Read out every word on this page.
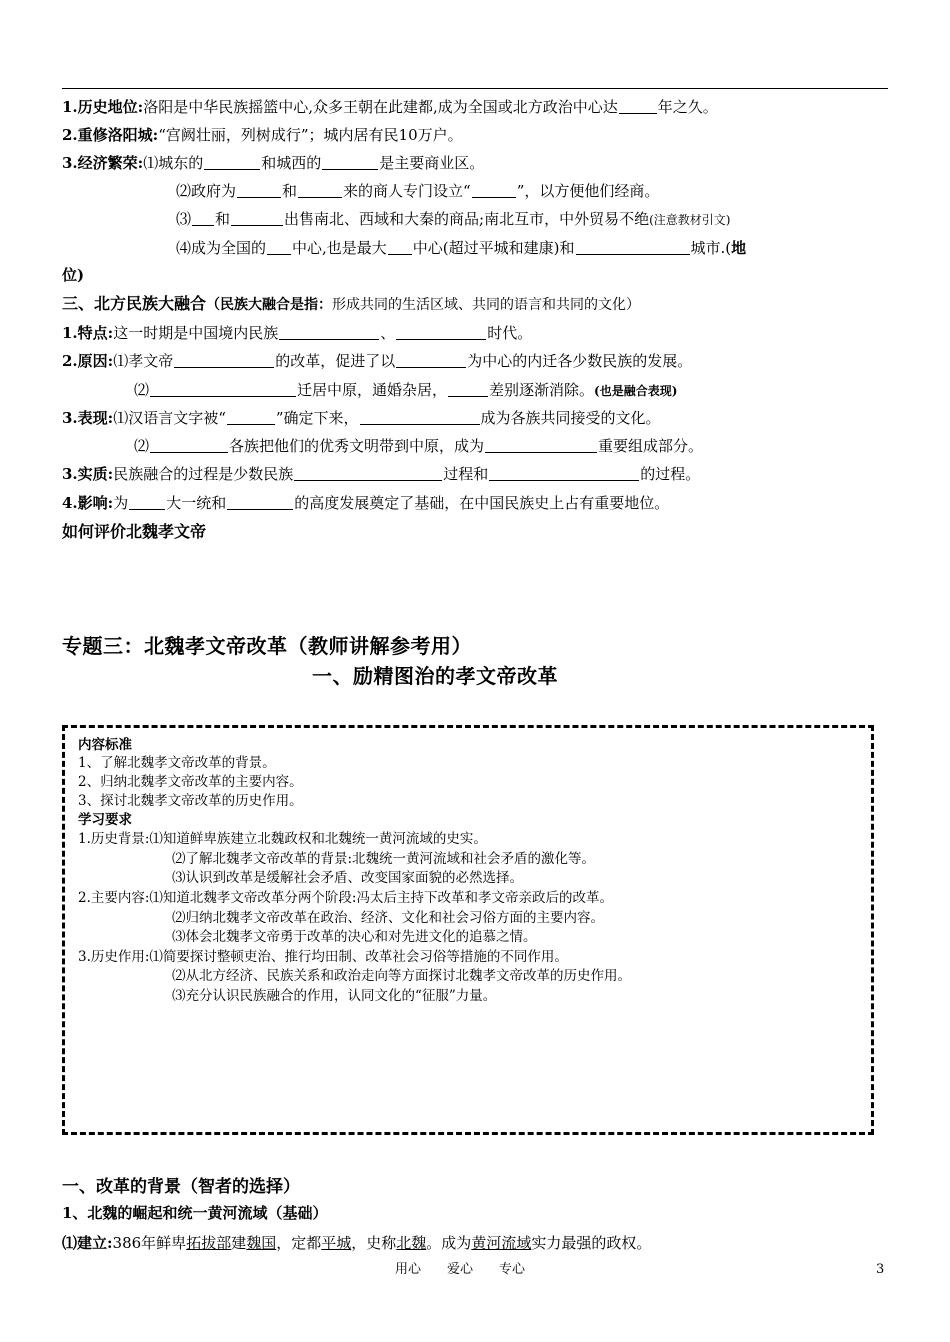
1.历史地位:洛阳是中华民族摇篮中心,众多王朝在此建都,成为全国或北方政治中心达	年之久。
2.重修洛阳城:“宫阙壮丽，列树成行”；城内居有民10万户。
3.经济繁荣:⑴城东的	和城西的	是主要商业区。
⑵政府为	和	来的商人专门设立“	”，以方便他们经商。
⑶ 和	出售南北、西域和大秦的商品;南北互市，中外贸易不绝(注意教材引文)
⑷成为全国的 中心,也是最大 中心(超过平城和建康)和	城市.(地
位)
三、北方民族大融合（民族大融合是指：形成共同的生活区域、共同的语言和共同的文化）
1.特点:这一时期是中国境内民族	、	时代。
2.原因:⑴孝文帝	的改革，促进了以	为中心的内迁各少数民族的发展。
⑵	迁居中原，通婚杂居，	差别逐渐消除。(也是融合表现)
3.表现:⑴汉语言文字被“	”确定下来，	成为各族共同接受的文化。
⑵	各族把他们的优秀文明带到中原，成为	重要组成部分。
3.实质:民族融合的过程是少数民族	过程和	的过程。
4.影响:为	大一统和	的高度发展奠定了基础，在中国民族史上占有重要地位。
如何评价北魏孝文帝
专题三：北魏孝文帝改革（教师讲解参考用）
一、励精图治的孝文帝改革
内容标准
1、了解北魏孝文帝改革的背景。
2、归纳北魏孝文帝改革的主要内容。
3、探讨北魏孝文帝改革的历史作用。
学习要求
1.历史背景:⑴知道鲜卑族建立北魏政权和北魏统一黄河流域的史实。
⑵了解北魏孝文帝改革的背景:北魏统一黄河流域和社会矛盾的激化等。
⑶认识到改革是缓解社会矛盾、改变国家面貌的必然选择。
2.主要内容:⑴知道北魏孝文帝改革分两个阶段:冯太后主持下改革和孝文帝亲政后的改革。
⑵归纳北魏孝文帝改革在政治、经济、文化和社会习俗方面的主要内容。
⑶体会北魏孝文帝勇于改革的决心和对先进文化的追慕之情。
3.历史作用:⑴简要探讨整顿吏治、推行均田制、改革社会习俗等措施的不同作用。
⑵从北方经济、民族关系和政治走向等方面探讨北魏孝文帝改革的历史作用。
⑶充分认识民族融合的作用，认同文化的“征服”力量。
一、改革的背景（智者的选择）
1、北魏的崛起和统一黄河流域（基础）
⑴建立:386年鲜卑拓拔部建魏国，定都平城，史称北魏。成为黄河流域实力最强的政权。
用心　　爱心　　专心	3
